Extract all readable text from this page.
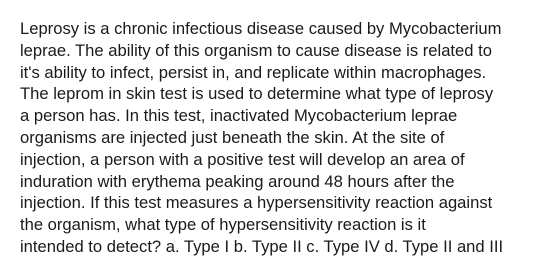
Leprosy is a chronic infectious disease caused by Mycobacterium
leprae. The ability of this organism to cause disease is related to
it's ability to infect, persist in, and replicate within macrophages.
The leprom in skin test is used to determine what type of leprosy
a person has. In this test, inactivated Mycobacterium leprae
organisms are injected just beneath the skin. At the site of
injection, a person with a positive test will develop an area of
induration with erythema peaking around 48 hours after the
injection. If this test measures a hypersensitivity reaction against
the organism, what type of hypersensitivity reaction is it
intended to detect? a. Type I b. Type II c. Type IV d. Type II and III
